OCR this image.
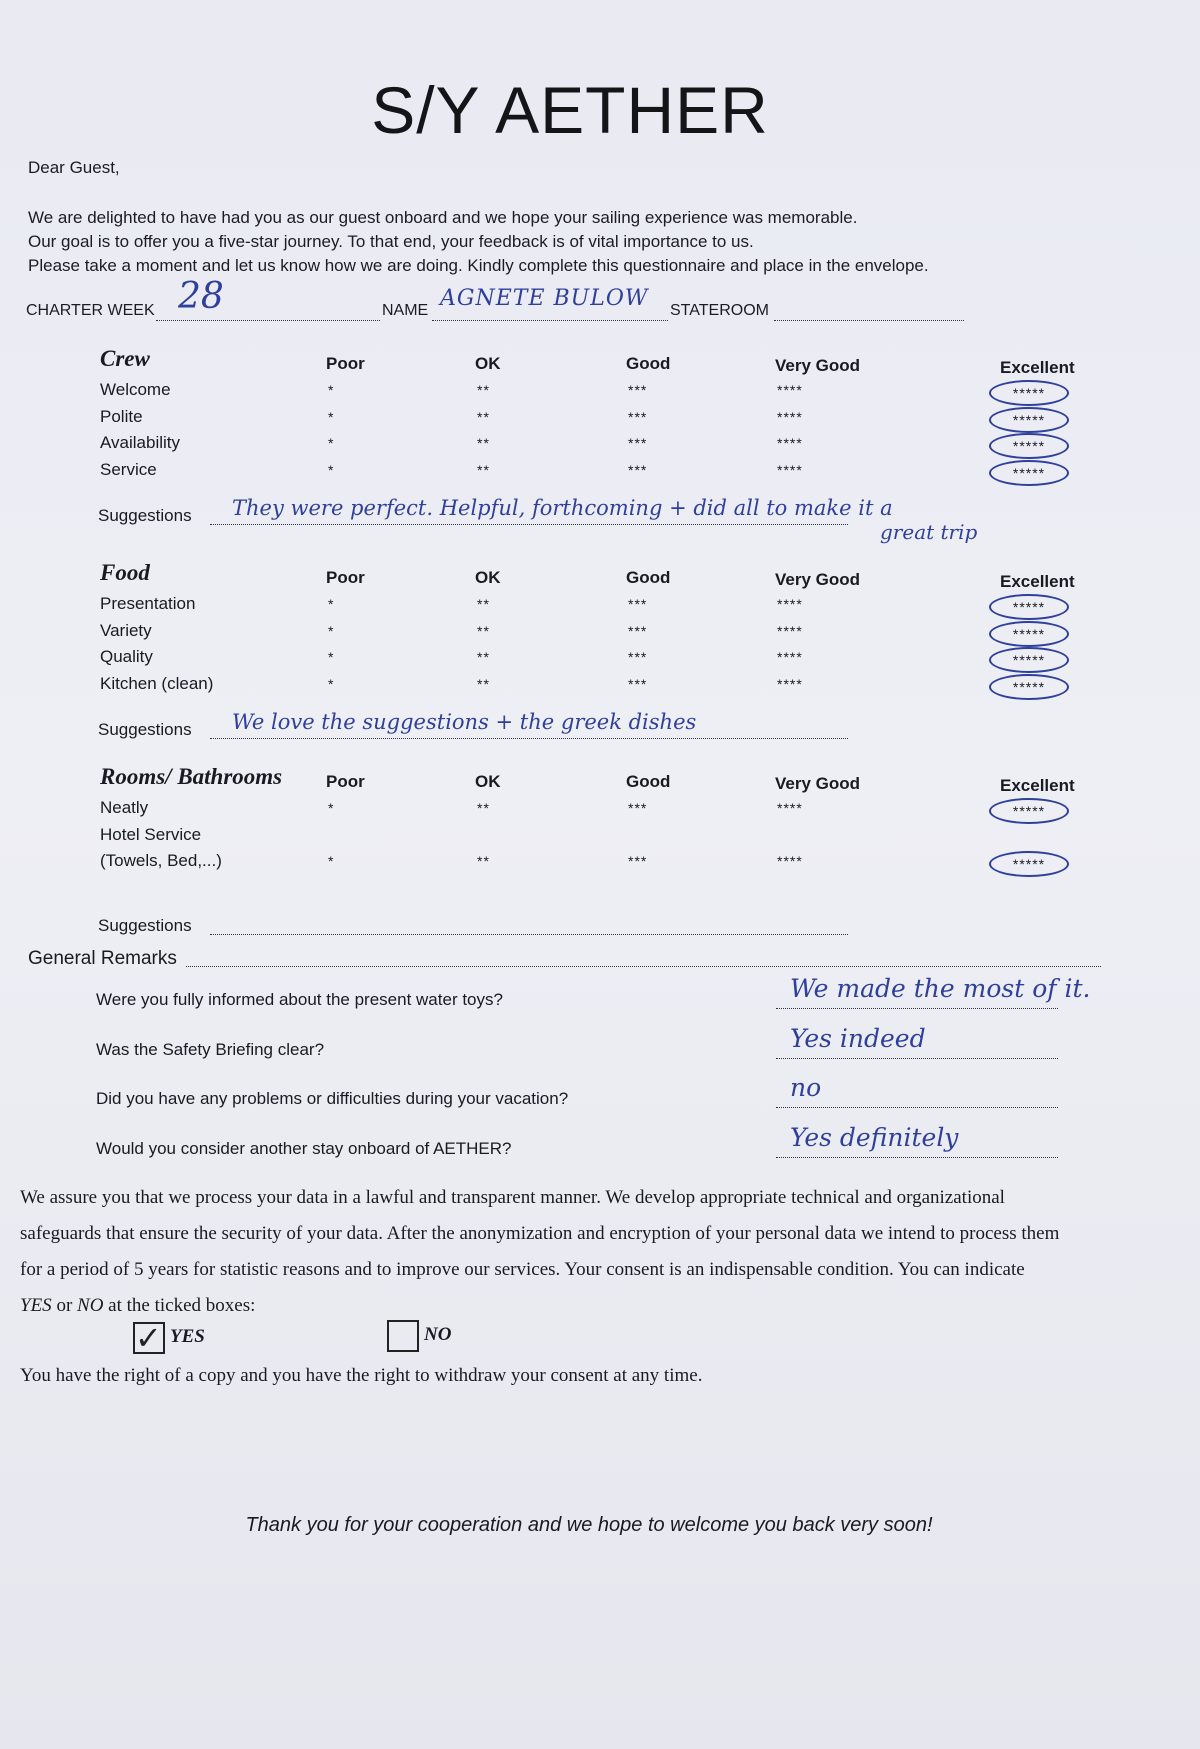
S/Y AETHER
Dear Guest,
We are delighted to have had you as our guest onboard and we hope your sailing experience was memorable.
Our goal is to offer you a five-star journey. To that end, your feedback is of vital importance to us.
Please take a moment and let us know how we are doing. Kindly complete this questionnaire and place in the envelope.
CHARTER WEEK 28	NAME AGNETE BULOW STATEROOM
Crew	Poor	OK	Good	Very Good	Excellent
Welcome	*	**	***	****	*****
Polite	*	**	***	****	*****
Availability	*	**	***	****	*****
Service	*	**	***	****	*****
Suggestions They were perfect. Helpful, forthcoming + did all to make it a
great trip
Food	Poor	OK	Good	Very Good	Excellent
Presentation	*	**	***	****	*****
Variety	*	**	***	****	*****
Quality	*	**	***	****	*****
Kitchen (clean)	*	**	***	****	*****
Suggestions We love the suggestions + the greek dishes
Rooms/ Bathrooms	Poor	OK	Good	Very Good	Excellent
Neatly	*	**	***	****	*****
Hotel Service
(Towels, Bed,...)	*	**	***	****	*****
Suggestions
General Remarks
Were you fully informed about the present water toys?	We made the most of it.
Was the Safety Briefing clear?	Yes indeed
Did you have any problems or difficulties during your vacation?	no
Would you consider another stay onboard of AETHER?	Yes definitely
We assure you that we process your data in a lawful and transparent manner. We develop appropriate technical and organizational
safeguards that ensure the security of your data. After the anonymization and encryption of your personal data we intend to process them
for a period of 5 years for statistic reasons and to improve our services. Your consent is an indispensable condition. You can indicate
YES or NO at the ticked boxes:
✓ YES	NO
You have the right of a copy and you have the right to withdraw your consent at any time.
Thank you for your cooperation and we hope to welcome you back very soon!
